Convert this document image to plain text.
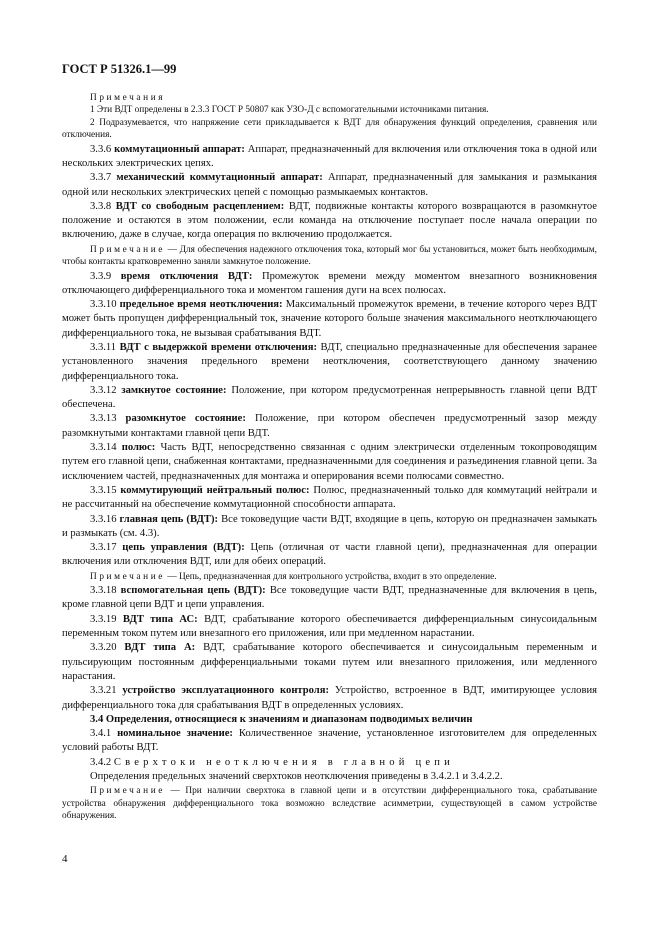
ГОСТ Р 51326.1—99

Примечания

1 Эти ВДТ определены в 2.3.3 ГОСТ Р 50807 как УЗО-Д с вспомогательными источниками питания.

2 Подразумевается, что напряжение сети прикладывается к ВДТ для обнаружения функций определения, сравнения или отключения.

3.3.6 коммутационный аппарат: Аппарат, предназначенный для включения или отключения тока в одной или нескольких электрических цепях.

3.3.7 механический коммутационный аппарат: Аппарат, предназначенный для замыкания и размыкания одной или нескольких электрических цепей с помощью размыкаемых контактов.

3.3.8 ВДТ со свободным расцеплением: ВДТ, подвижные контакты которого возвращаются в разомкнутое положение и остаются в этом положении, если команда на отключение поступает после начала операции по включению, даже в случае, когда операция по включению продолжается.

Примечание — Для обеспечения надежного отключения тока, который мог бы установиться, может быть необходимым, чтобы контакты кратковременно заняли замкнутое положение.

3.3.9 время отключения ВДТ: Промежуток времени между моментом внезапного возникновения отключающего дифференциального тока и моментом гашения дуги на всех полюсах.

3.3.10 предельное время неотключения: Максимальный промежуток времени, в течение которого через ВДТ может быть пропущен дифференциальный ток, значение которого больше значения максимального неотключающего дифференциального тока, не вызывая срабатывания ВДТ.

3.3.11 ВДТ с выдержкой времени отключения: ВДТ, специально предназначенные для обеспечения заранее установленного значения предельного времени неотключения, соответствующего данному значению дифференциального тока.

3.3.12 замкнутое состояние: Положение, при котором предусмотренная непрерывность главной цепи ВДТ обеспечена.

3.3.13 разомкнутое состояние: Положение, при котором обеспечен предусмотренный зазор между разомкнутыми контактами главной цепи ВДТ.

3.3.14 полюс: Часть ВДТ, непосредственно связанная с одним электрически отделенным токопроводящим путем его главной цепи, снабженная контактами, предназначенными для соединения и разъединения главной цепи. За исключением частей, предназначенных для монтажа и оперирования всеми полюсами совместно.

3.3.15 коммутирующий нейтральный полюс: Полюс, предназначенный только для коммутаций нейтрали и не рассчитанный на обеспечение коммутационной способности аппарата.

3.3.16 главная цепь (ВДТ): Все токоведущие части ВДТ, входящие в цепь, которую он предназначен замыкать и размыкать (см. 4.3).

3.3.17 цепь управления (ВДТ): Цепь (отличная от части главной цепи), предназначенная для операции включения или отключения ВДТ, или для обеих операций.

Примечание — Цепь, предназначенная для контрольного устройства, входит в это определение.

3.3.18 вспомогательная цепь (ВДТ): Все токоведущие части ВДТ, предназначенные для включения в цепь, кроме главной цепи ВДТ и цепи управления.

3.3.19 ВДТ типа АС: ВДТ, срабатывание которого обеспечивается дифференциальным синусоидальным переменным током путем или внезапного его приложения, или при медленном нарастании.

3.3.20 ВДТ типа А: ВДТ, срабатывание которого обеспечивается и синусоидальным переменным и пульсирующим постоянным дифференциальными токами путем или внезапного приложения, или медленного нарастания.

3.3.21 устройство эксплуатационного контроля: Устройство, встроенное в ВДТ, имитирующее условия дифференциального тока для срабатывания ВДТ в определенных условиях.

3.4 Определения, относящиеся к значениям и диапазонам подводимых величин

3.4.1 номинальное значение: Количественное значение, установленное изготовителем для определенных условий работы ВДТ.

3.4.2 Сверхтоки неотключения в главной цепи

Определения предельных значений сверхтоков неотключения приведены в 3.4.2.1 и 3.4.2.2.

Примечание — При наличии сверхтока в главной цепи и в отсутствии дифференциального тока, срабатывание устройства обнаружения дифференциального тока возможно вследствие асимметрии, существующей в самом устройстве обнаружения.

4
